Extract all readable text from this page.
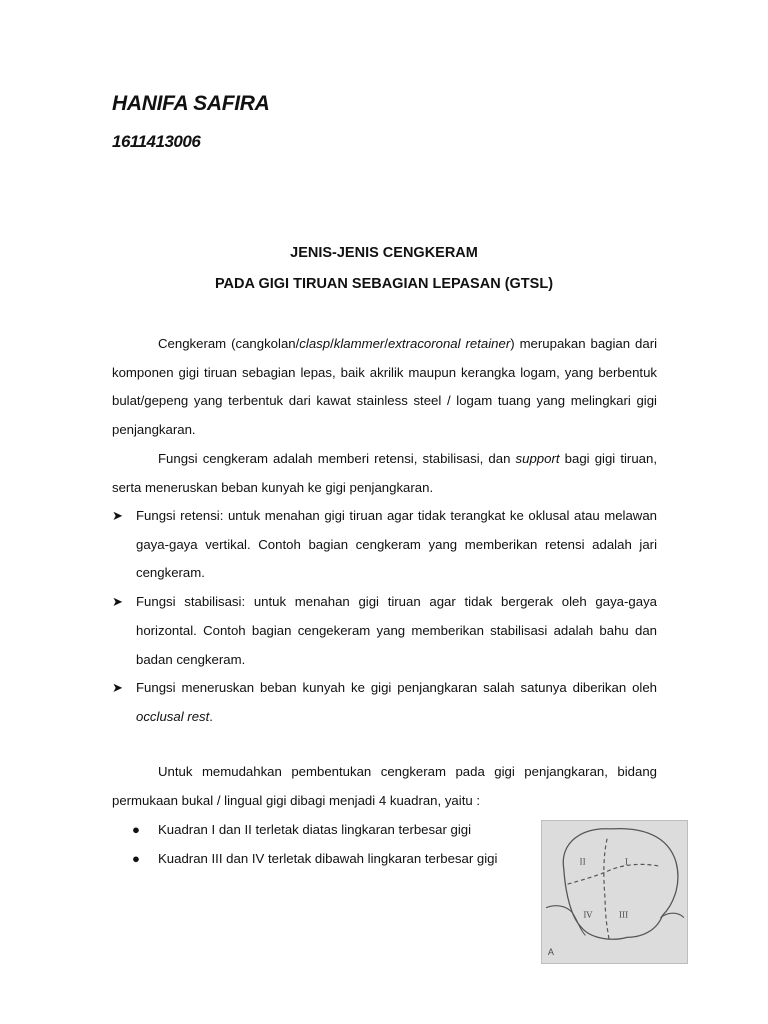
HANIFA SAFIRA
1611413006
JENIS-JENIS CENGKERAM
PADA GIGI TIRUAN SEBAGIAN LEPASAN (GTSL)

Cengkeram (cangkolan/clasp/klammer/extracoronal retainer) merupakan bagian dari komponen gigi tiruan sebagian lepas, baik akrilik maupun kerangka logam, yang berbentuk bulat/gepeng yang terbentuk dari kawat stainless steel / logam tuang yang melingkari gigi penjangkaran.

Fungsi cengkeram adalah memberi retensi, stabilisasi, dan support bagi gigi tiruan, serta meneruskan beban kunyah ke gigi penjangkaran.

➤ Fungsi retensi: untuk menahan gigi tiruan agar tidak terangkat ke oklusal atau melawan gaya-gaya vertikal. Contoh bagian cengkeram yang memberikan retensi adalah jari cengkeram.
➤ Fungsi stabilisasi: untuk menahan gigi tiruan agar tidak bergerak oleh gaya-gaya horizontal. Contoh bagian cengekeram yang memberikan stabilisasi adalah bahu dan badan cengkeram.
➤ Fungsi meneruskan beban kunyah ke gigi penjangkaran salah satunya diberikan oleh occlusal rest.

Untuk memudahkan pembentukan cengkeram pada gigi penjangkaran, bidang permukaan bukal / lingual gigi dibagi menjadi 4 kuadran, yaitu :

● Kuadran I dan II terletak diatas lingkaran terbesar gigi
● Kuadran III dan IV terletak dibawah lingkaran terbesar gigi	II	I
IV	III
A
